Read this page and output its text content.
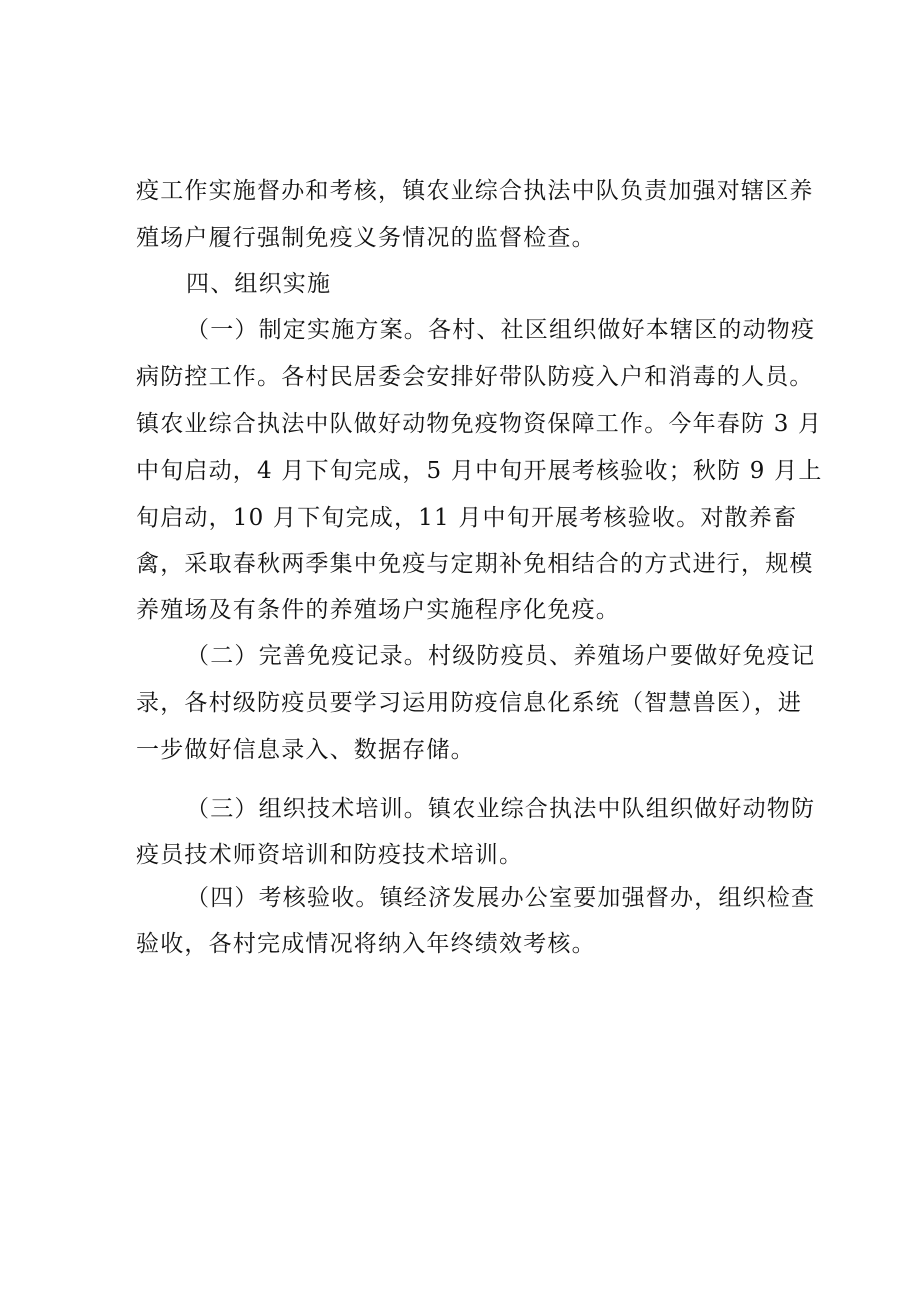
疫工作实施督办和考核，镇农业综合执法中队负责加强对辖区养
殖场户履行强制免疫义务情况的监督检查。
四、组织实施
（一）制定实施方案。各村、社区组织做好本辖区的动物疫
病防控工作。各村民居委会安排好带队防疫入户和消毒的人员。
镇农业综合执法中队做好动物免疫物资保障工作。今年春防 3 月
中旬启动，4 月下旬完成，5 月中旬开展考核验收；秋防 9 月上
旬启动，10 月下旬完成，11 月中旬开展考核验收。对散养畜
禽，采取春秋两季集中免疫与定期补免相结合的方式进行，规模
养殖场及有条件的养殖场户实施程序化免疫。
（二）完善免疫记录。村级防疫员、养殖场户要做好免疫记
录，各村级防疫员要学习运用防疫信息化系统（智慧兽医），进
一步做好信息录入、数据存储。
（三）组织技术培训。镇农业综合执法中队组织做好动物防
疫员技术师资培训和防疫技术培训。
（四）考核验收。镇经济发展办公室要加强督办，组织检查
验收，各村完成情况将纳入年终绩效考核。
